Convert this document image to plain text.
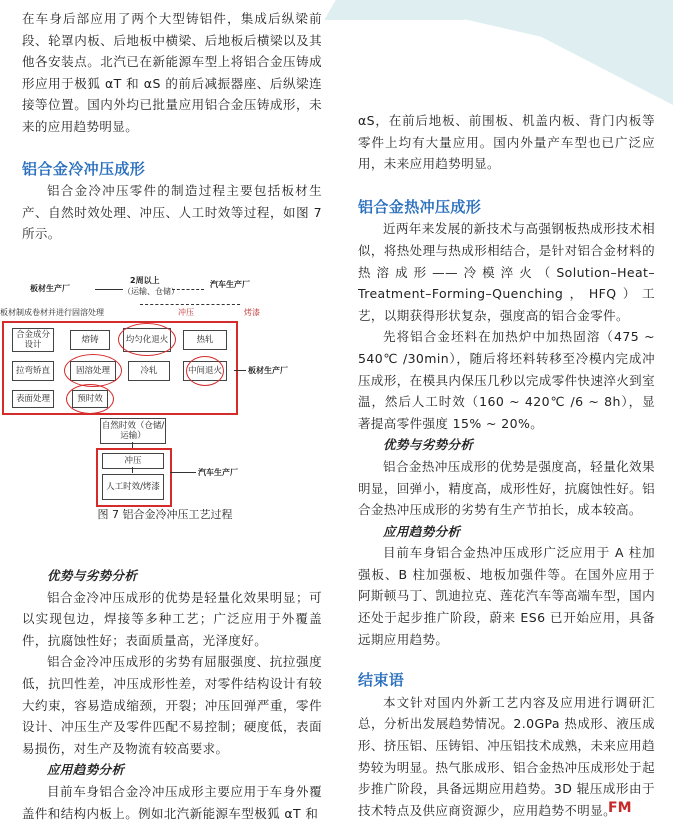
在车身后部应用了两个大型铸铝件，集成后纵梁前段、轮罩内板、后地板中横梁、后地板后横梁以及其他各安装点。北汽已在新能源车型上将铝合金压铸成形应用于极狐 αT 和 αS 的前后减振器座、后纵梁连接等位置。国内外均已批量应用铝合金压铸成形，未来的应用趋势明显。

铝合金冷冲压成形

铝合金冷冲压零件的制造过程主要包括板材生产、自然时效处理、冲压、人工时效等过程，如图 7 所示。

板材生产厂
2周以上
（运输、仓储）
汽车生产厂
板材制成卷材并进行固溶处理	冲压	烤漆
合金成分设计	熔铸	均匀化退火	热轧
拉弯矫直	固溶处理	冷轧	中间退火
表面处理	预时效
板材生产厂
自然时效（仓储/运输）
冲压
人工时效/烤漆
汽车生产厂
图 7 铝合金冷冲压工艺过程
优势与劣势分析

铝合金冷冲压成形的优势是轻量化效果明显；可以实现包边，焊接等多种工艺；广泛应用于外覆盖件，抗腐蚀性好；表面质量高，光泽度好。

铝合金冷冲压成形的劣势有屈服强度、抗拉强度低，抗凹性差，冲压成形性差，对零件结构设计有较大约束，容易造成缩颈，开裂；冲压回弹严重，零件设计、冲压生产及零件匹配不易控制；硬度低，表面易损伤，对生产及物流有较高要求。

应用趋势分析

目前车身铝合金冷冲压成形主要应用于车身外覆盖件和结构内板上。例如北汽新能源车型极狐 αT 和

αS，在前后地板、前围板、机盖内板、背门内板等零件上均有大量应用。国内外量产车型也已广泛应用，未来应用趋势明显。

铝合金热冲压成形

近两年来发展的新技术与高强钢板热成形技术相似，将热处理与热成形相结合，是针对铝合金材料的热溶成形——冷模淬火（Solution–Heat–Treatment–Forming–Quenching，HFQ）工艺，以期获得形状复杂，强度高的铝合金零件。

先将铝合金坯料在加热炉中加热固溶（475 ~ 540℃ /30min），随后将坯料转移至冷模内完成冲压成形，在模具内保压几秒以完成零件快速淬火到室温，然后人工时效（160 ~ 420℃ /6 ~ 8h），显著提高零件强度 15% ~ 20%。

优势与劣势分析

铝合金热冲压成形的优势是强度高，轻量化效果明显，回弹小，精度高，成形性好，抗腐蚀性好。铝合金热冲压成形的劣势有生产节拍长，成本较高。

应用趋势分析

目前车身铝合金热冲压成形广泛应用于 A 柱加强板、B 柱加强板、地板加强件等。在国外应用于阿斯顿马丁、凯迪拉克、莲花汽车等高端车型，国内还处于起步推广阶段，蔚来 ES6 已开始应用，具备远期应用趋势。

结束语

本文针对国内外新工艺内容及应用进行调研汇总，分析出发展趋势情况。2.0GPa 热成形、液压成形、挤压铝、压铸铝、冲压铝技术成熟，未来应用趋势较为明显。热气胀成形、铝合金热冲压成形处于起步推广阶段，具备远期应用趋势。3D 辊压成形由于技术特点及供应商资源少，应用趋势不明显。

FM
